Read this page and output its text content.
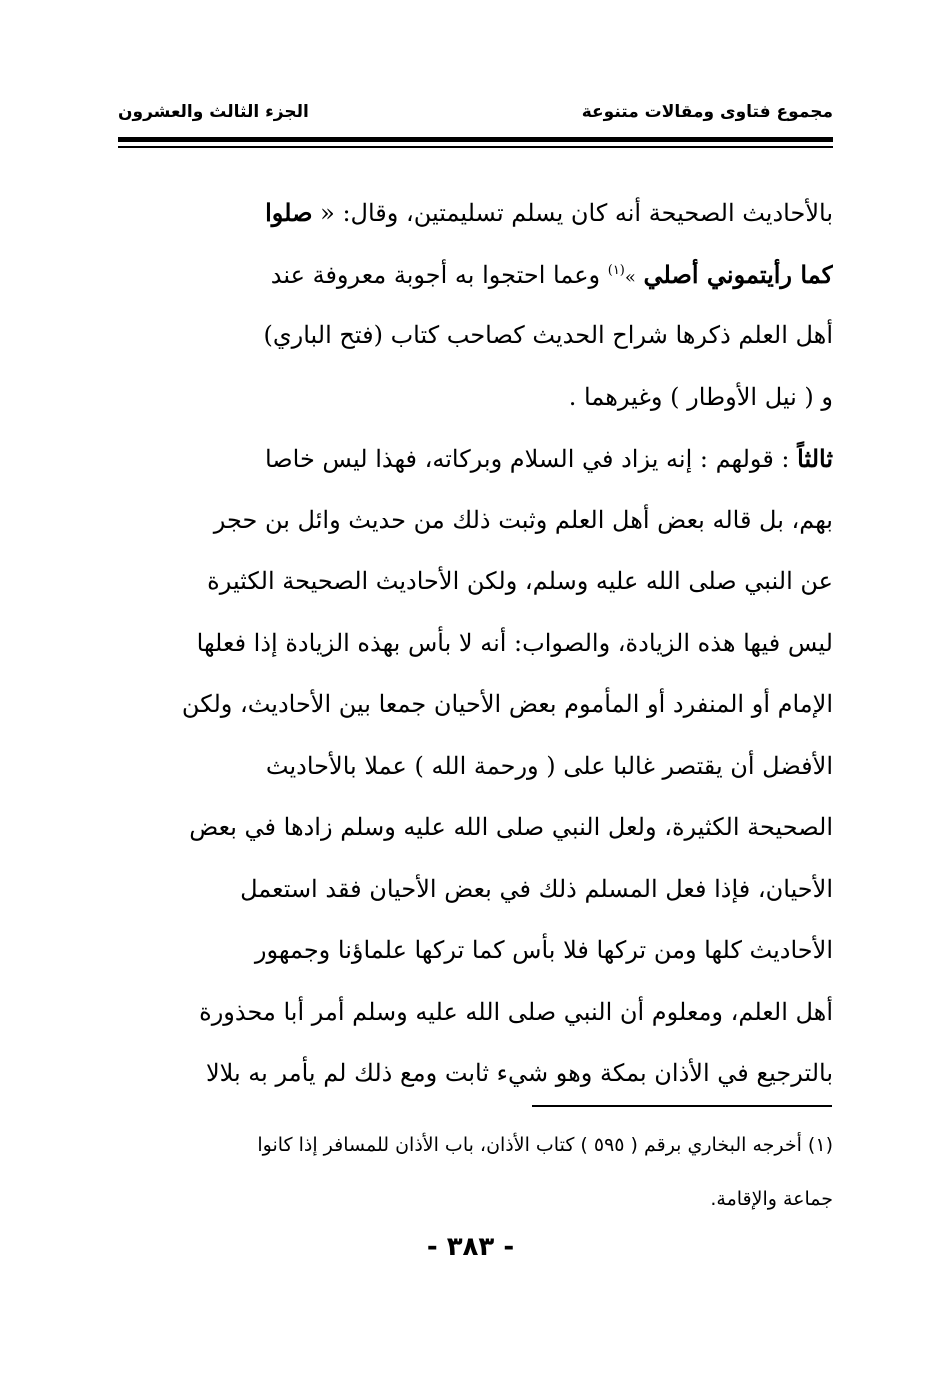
مجموع فتاوى ومقالات متنوعة
الجزء الثالث والعشرون
بالأحاديث الصحيحة أنه كان يسلم تسليمتين، وقال: « صلوا
كما رأيتموني أصلي »$^{(١)}$ وعما احتجوا به أجوبة معروفة عند
أهل العلم ذكرها شراح الحديث كصاحب كتاب (فتح الباري)
و ( نيل الأوطار ) وغيرهما .
ثالثاً : قولهم : إنه يزاد في السلام وبركاته، فهذا ليس خاصا
بهم، بل قاله بعض أهل العلم وثبت ذلك من حديث وائل بن حجر
عن النبي صلى الله عليه وسلم، ولكن الأحاديث الصحيحة الكثيرة
ليس فيها هذه الزيادة، والصواب: أنه لا بأس بهذه الزيادة إذا فعلها
الإمام أو المنفرد أو المأموم بعض الأحيان جمعا بين الأحاديث، ولكن
الأفضل أن يقتصر غالبا على ( ورحمة الله ) عملا بالأحاديث
الصحيحة الكثيرة، ولعل النبي صلى الله عليه وسلم زادها في بعض
الأحيان، فإذا فعل المسلم ذلك في بعض الأحيان فقد استعمل
الأحاديث كلها ومن تركها فلا بأس كما تركها علماؤنا وجمهور
أهل العلم، ومعلوم أن النبي صلى الله عليه وسلم أمر أبا محذورة
بالترجيع في الأذان بمكة وهو شيء ثابت ومع ذلك لم يأمر به بلالا
(١) أخرجه البخاري برقم ( ٥٩٥ ) كتاب الأذان، باب الأذان للمسافر إذا كانوا
جماعة والإقامة.
- ٣٨٣ -
